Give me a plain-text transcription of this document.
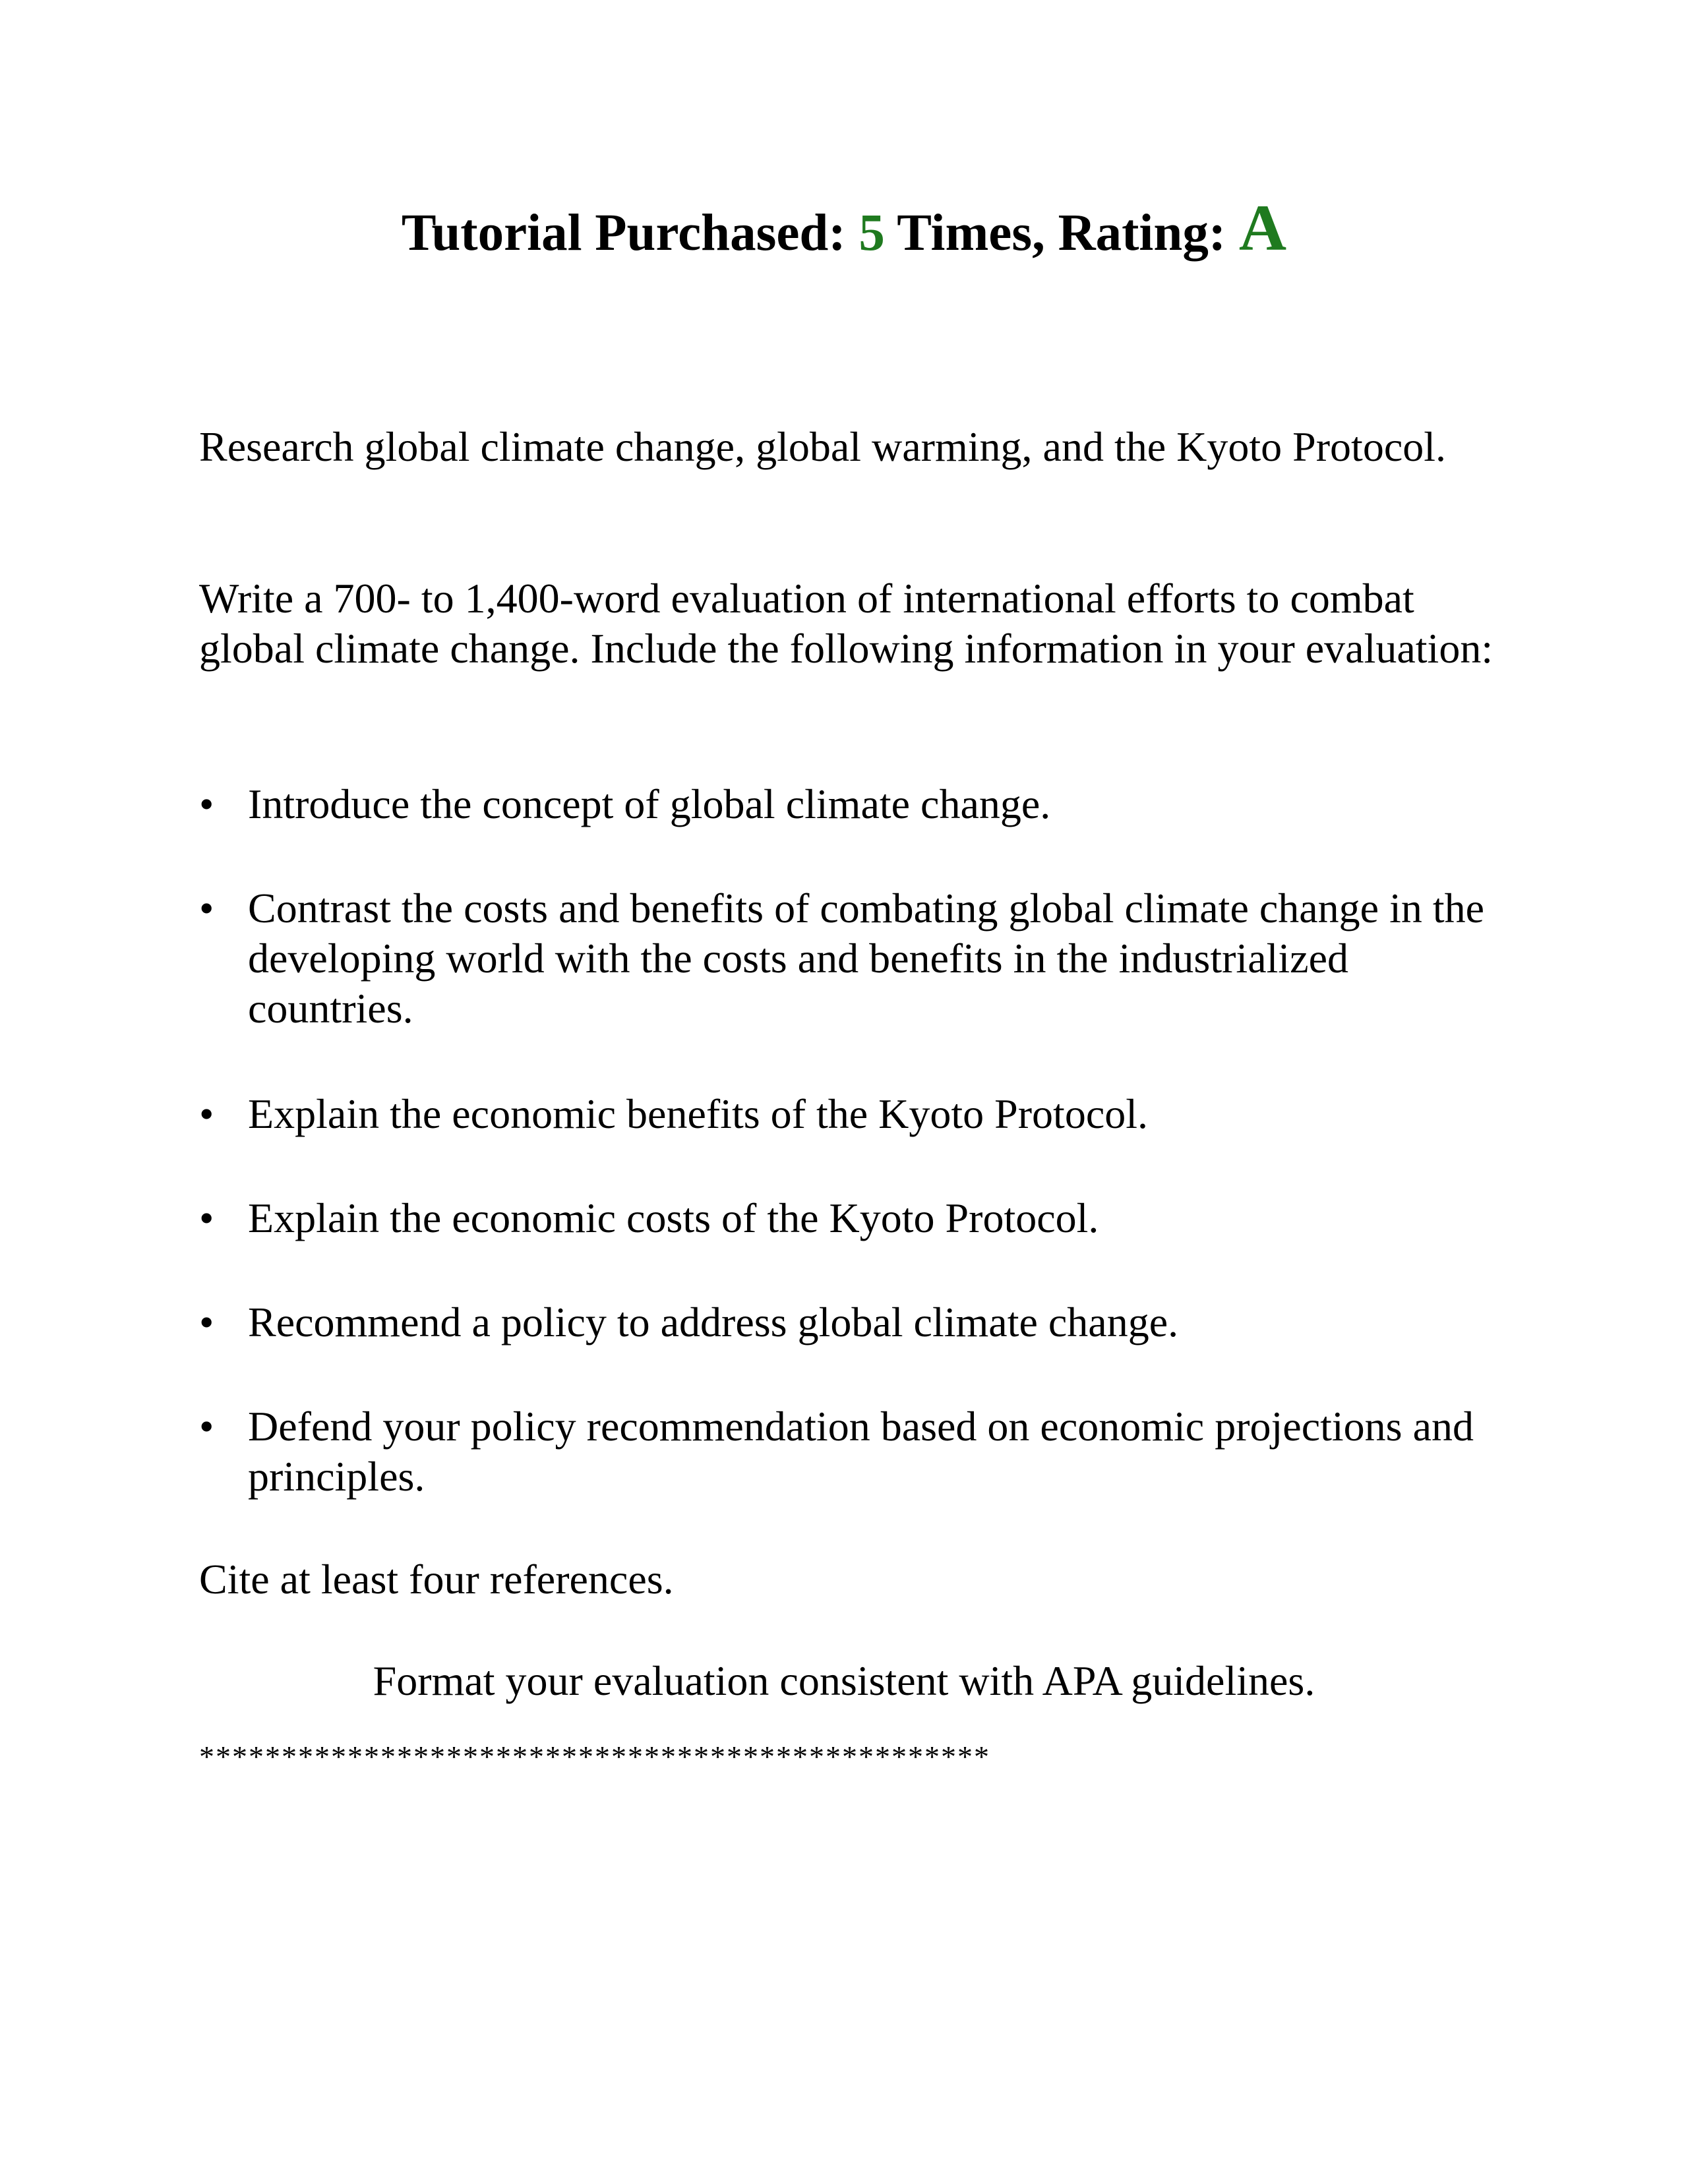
Tutorial Purchased: 5 Times, Rating: A
Research global climate change, global warming, and the Kyoto Protocol.
Write a 700- to 1,400-word evaluation of international efforts to combat global climate change. Include the following information in your evaluation:
• Introduce the concept of global climate change.
• Contrast the costs and benefits of combating global climate change in the developing world with the costs and benefits in the industrialized countries.
• Explain the economic benefits of the Kyoto Protocol.
• Explain the economic costs of the Kyoto Protocol.
• Recommend a policy to address global climate change.
• Defend your policy recommendation based on economic projections and principles.
Cite at least four references.
Format your evaluation consistent with APA guidelines.
************************************************
